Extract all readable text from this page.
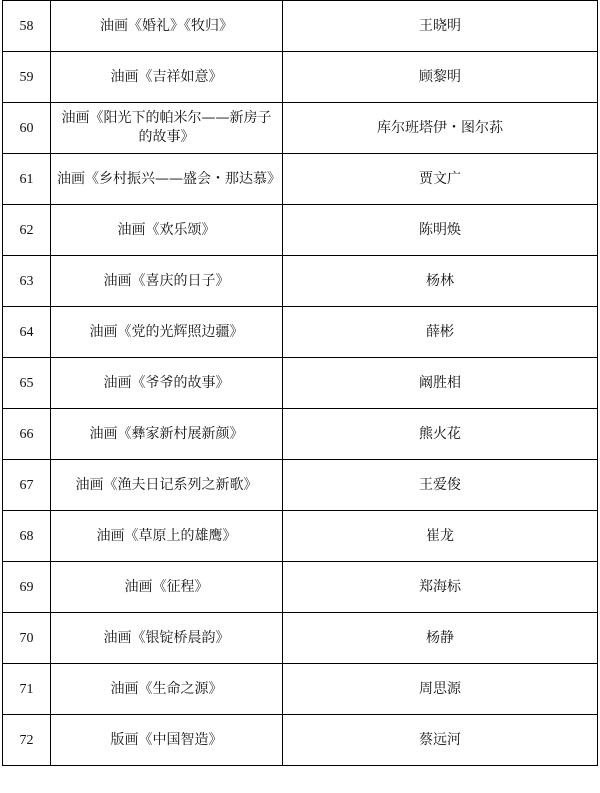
58	油画《婚礼》《牧归》	王晓明
59	油画《吉祥如意》	顾黎明
60	油画《阳光下的帕米尔——新房子的故事》	库尔班塔伊・图尔荪
61	油画《乡村振兴——盛会・那达慕》	贾文广
62	油画《欢乐颂》	陈明焕
63	油画《喜庆的日子》	杨林
64	油画《党的光辉照边疆》	薛彬
65	油画《爷爷的故事》	阚胜相
66	油画《彝家新村展新颜》	熊火花
67	油画《渔夫日记系列之新歌》	王爱俊
68	油画《草原上的雄鹰》	崔龙
69	油画《征程》	郑海标
70	油画《银锭桥晨韵》	杨静
71	油画《生命之源》	周思源
72	版画《中国智造》	蔡远河
